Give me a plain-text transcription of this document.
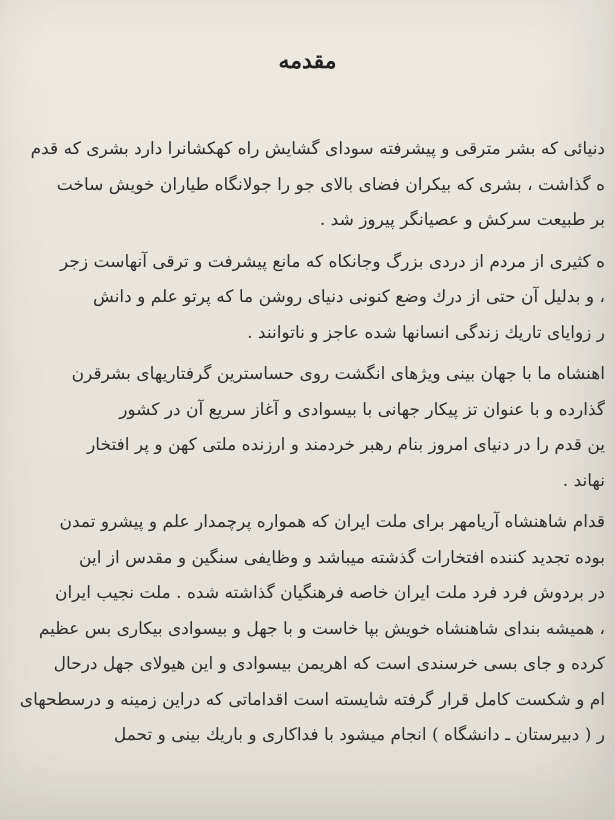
مقدمه
دنیائی که بشر مترقی و پیشرفته سودای گشایش راه کهکشانرا دارد بشری که قدم
ه گذاشت ، بشری که بیکران فضای بالای جو را جولانگاه طیاران خویش ساخت
بر طبیعت سرکش و عصیانگر پیروز شد .
ه کثیری از مردم از دردی بزرگ وجانکاه که مانع پیشرفت و ترقی آنهاست زجر
، و بدلیل آن حتی از درك وضع کنونی دنیای روشن ما که پرتو علم و دانش
ر زوایای تاریك زندگی انسانها شده عاجز و ناتوانند .
اهنشاه ما با جهان بینی ویژهای انگشت روی حساسترین گرفتاریهای بشرقرن
گذارده و با عنوان تز پیکار جهانی با بیسوادی و آغاز سریع آن در کشور
ین قدم را در دنیای امروز بنام رهبر خردمند و ارزنده ملتی کهن و پر افتخار
نهاند .
قدام شاهنشاه آریامهر برای ملت ایران که همواره پرچمدار علم و پیشرو تمدن
بوده تجدید کننده افتخارات گذشته میباشد و وظایفی سنگین و مقدس از این
در بردوش فرد فرد ملت ایران خاصه فرهنگیان گذاشته شده . ملت نجیب ایران
، همیشه بندای شاهنشاه خویش بپا خاست و با جهل و بیسوادی بیکاری بس عظیم
کرده و جای بسی خرسندی است که اهریمن بیسوادی و این هیولای جهل درحال
ام و شکست کامل قرار گرفته شایسته است اقداماتی که دراین زمینه و درسطحهای
ر ( دبیرستان ـ دانشگاه ) انجام میشود با فداکاری و باریك بینی و تحمل
